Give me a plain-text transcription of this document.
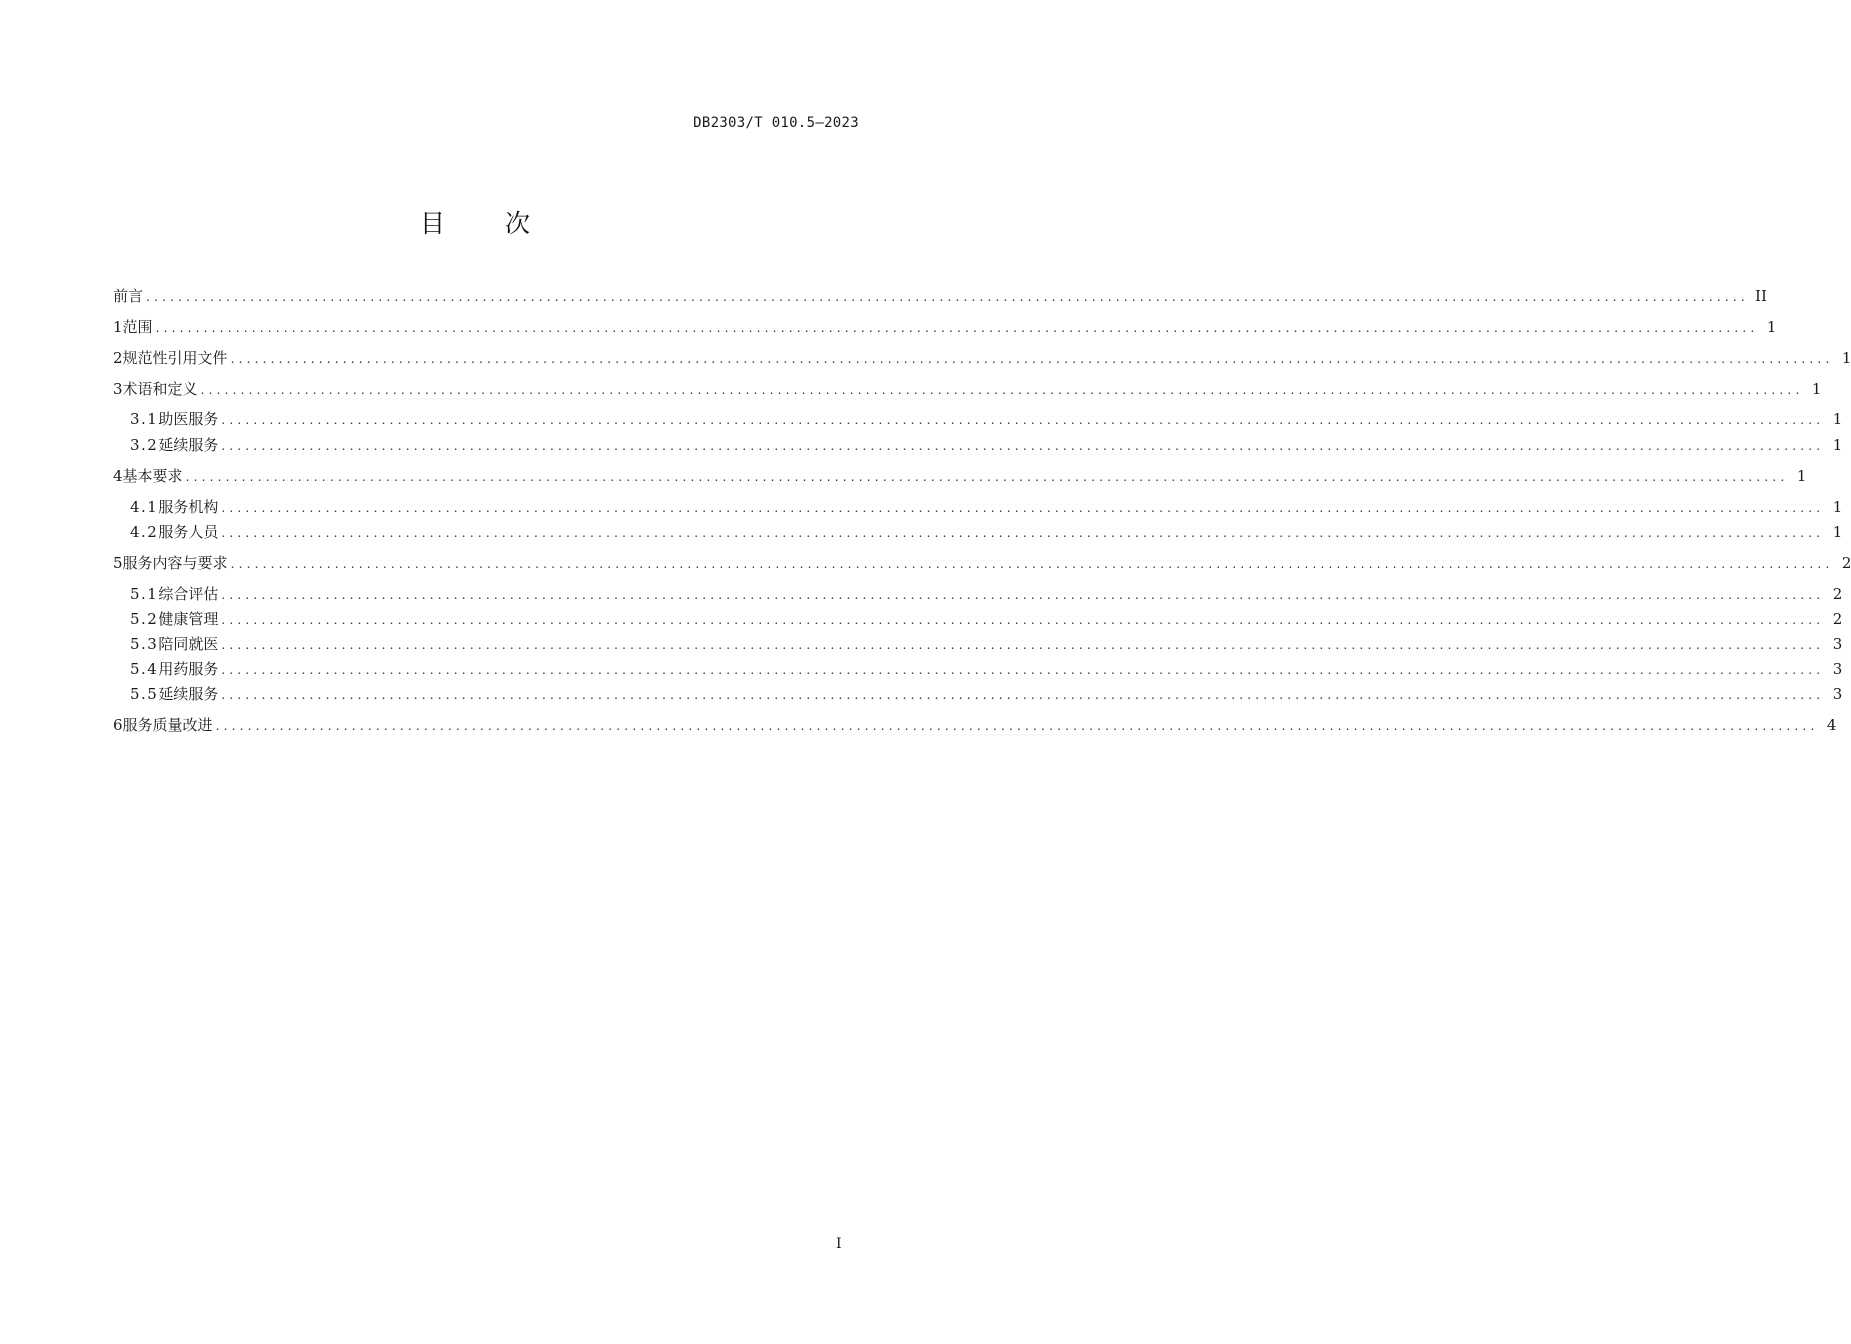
DB2303/T 010.5—2023
目 次
前言 ........................................................................................................................................................................................................ II
1 范围 ........................................................................................................................................................................................................ 1
2 规范性引用文件 ........................................................................................................................................................................................................ 1
3 术语和定义 ........................................................................................................................................................................................................ 1
3.1 助医服务 ........................................................................................................................................................................................................ 1
3.2 延续服务 ........................................................................................................................................................................................................ 1
4 基本要求 ........................................................................................................................................................................................................ 1
4.1 服务机构 ........................................................................................................................................................................................................ 1
4.2 服务人员 ........................................................................................................................................................................................................ 1
5 服务内容与要求 ........................................................................................................................................................................................................ 2
5.1 综合评估 ........................................................................................................................................................................................................ 2
5.2 健康管理 ........................................................................................................................................................................................................ 2
5.3 陪同就医 ........................................................................................................................................................................................................ 3
5.4 用药服务 ........................................................................................................................................................................................................ 3
5.5 延续服务 ........................................................................................................................................................................................................ 3
6 服务质量改进 ........................................................................................................................................................................................................ 4
I
